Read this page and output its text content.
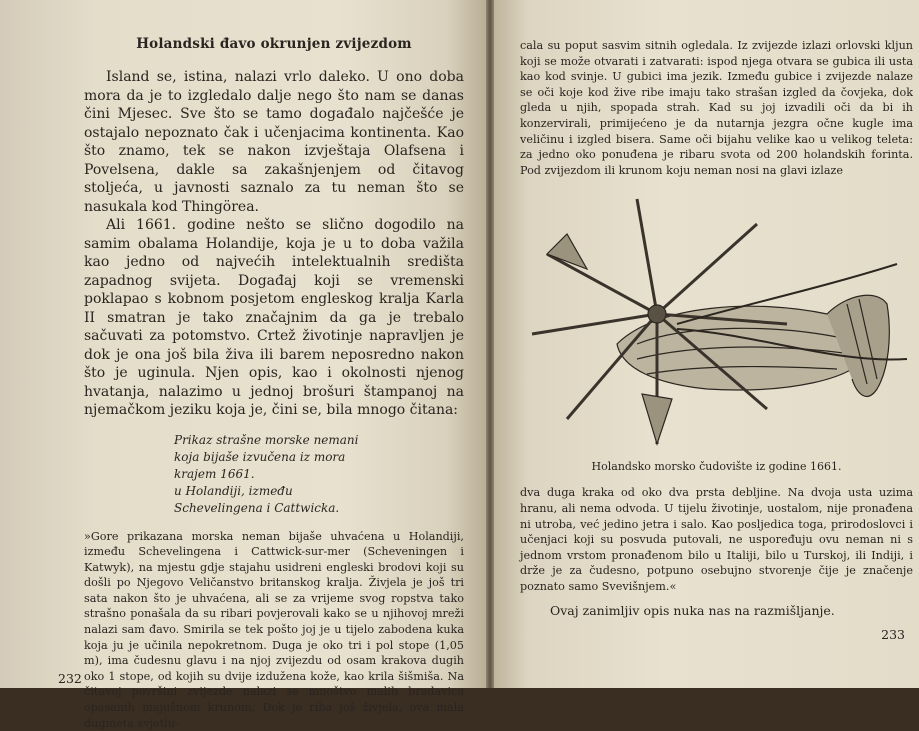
Holandski đavo okrunjen zvijezdom

Island se, istina, nalazi vrlo daleko. U ono doba mora da je to izgledalo dalje nego što nam se danas čini Mjesec. Sve što se tamo događalo najčešće je ostajalo nepoznato čak i učenjacima kontinenta. Kao što znamo, tek se nakon izvještaja Olafsena i Povelsena, dakle sa zakašnjenjem od čitavog stoljeća, u javnosti saznalo za tu neman što se nasukala kod Thingörea.

Ali 1661. godine nešto se slično dogodilo na samim obalama Holandije, koja je u to doba važila kao jedno od najvećih intelektualnih središta zapadnog svijeta. Događaj koji se vremenski poklapao s kobnom posjetom engleskog kralja Karla II smatran je tako značajnim da ga je trebalo sačuvati za potomstvo. Crtež životinje napravljen je dok je ona još bila živa ili barem neposredno nakon što je uginula. Njen opis, kao i okolnosti njenog hvatanja, nalazimo u jednoj brošuri štampanoj na njemačkom jeziku koja je, čini se, bila mnogo čitana:

Prikaz strašne morske nemani
koja bijaše izvučena iz mora
krajem 1661.
u Holandiji, između
Schevelingena i Cattwicka.

»Gore prikazana morska neman bijaše uhvaćena u Holandiji, između Schevelingena i Cattwick-sur-mer (Scheveningen i Katwyk), na mjestu gdje stajahu usidreni engleski brodovi koji su došli po Njegovo Veličanstvo britanskog kralja. Živjela je još tri sata nakon što je uhvaćena, ali se za vrijeme svog ropstva tako strašno ponašala da su ribari povjerovali kako se u njihovoj mreži nalazi sam đavo. Smirila se tek pošto joj je u tijelo zabodena kuka koja ju je učinila nepokretnom. Duga je oko tri i pol stope (1,05 m), ima čudesnu glavu i na njoj zvijezdu od osam krakova dugih oko 1 stope, od kojih su dvije izdužena kože, kao krila šišmiša. Na čitavoj površini zvijezde nalazi se mnoštvo malih bradavica opasanih majušnom krunom. Dok je riba još živjela, ova mala dugmeta svjetlu-

232

cala su poput sasvim sitnih ogledala. Iz zvijezde izlazi orlovski kljun koji se može otvarati i zatvarati: ispod njega otvara se gubica ili usta kao kod svinje. U gubici ima jezik. Između gubice i zvijezde nalaze se oči koje kod žive ribe imaju tako strašan izgled da čovjeka, dok gleda u njih, spopada strah. Kad su joj izvadili oči da bi ih konzervirali, primijećeno je da nutarnja jezgra očne kugle ima veličinu i izgled bisera. Same oči bijahu velike kao u velikog teleta: za jedno oko ponuđena je ribaru svota od 200 holandskih forinta. Pod zvijezdom ili krunom koju neman nosi na glavi izlaze

Holandsko morsko čudovište iz godine 1661.

dva duga kraka od oko dva prsta debljine. Na dvoja usta uzima hranu, ali nema odvoda. U tijelu životinje, uostalom, nije pronađena ni utroba, već jedino jetra i salo. Kao posljedica toga, prirodoslovci i učenjaci koji su posvuda putovali, ne uspoređuju ovu neman ni s jednom vrstom pronađenom bilo u Italiji, bilo u Turskoj, ili Indiji, i drže je za čudesno, potpuno osebujno stvorenje čije je značenje poznato samo Svevišnjem.«

Ovaj zanimljiv opis nuka nas na razmišljanje.

233
